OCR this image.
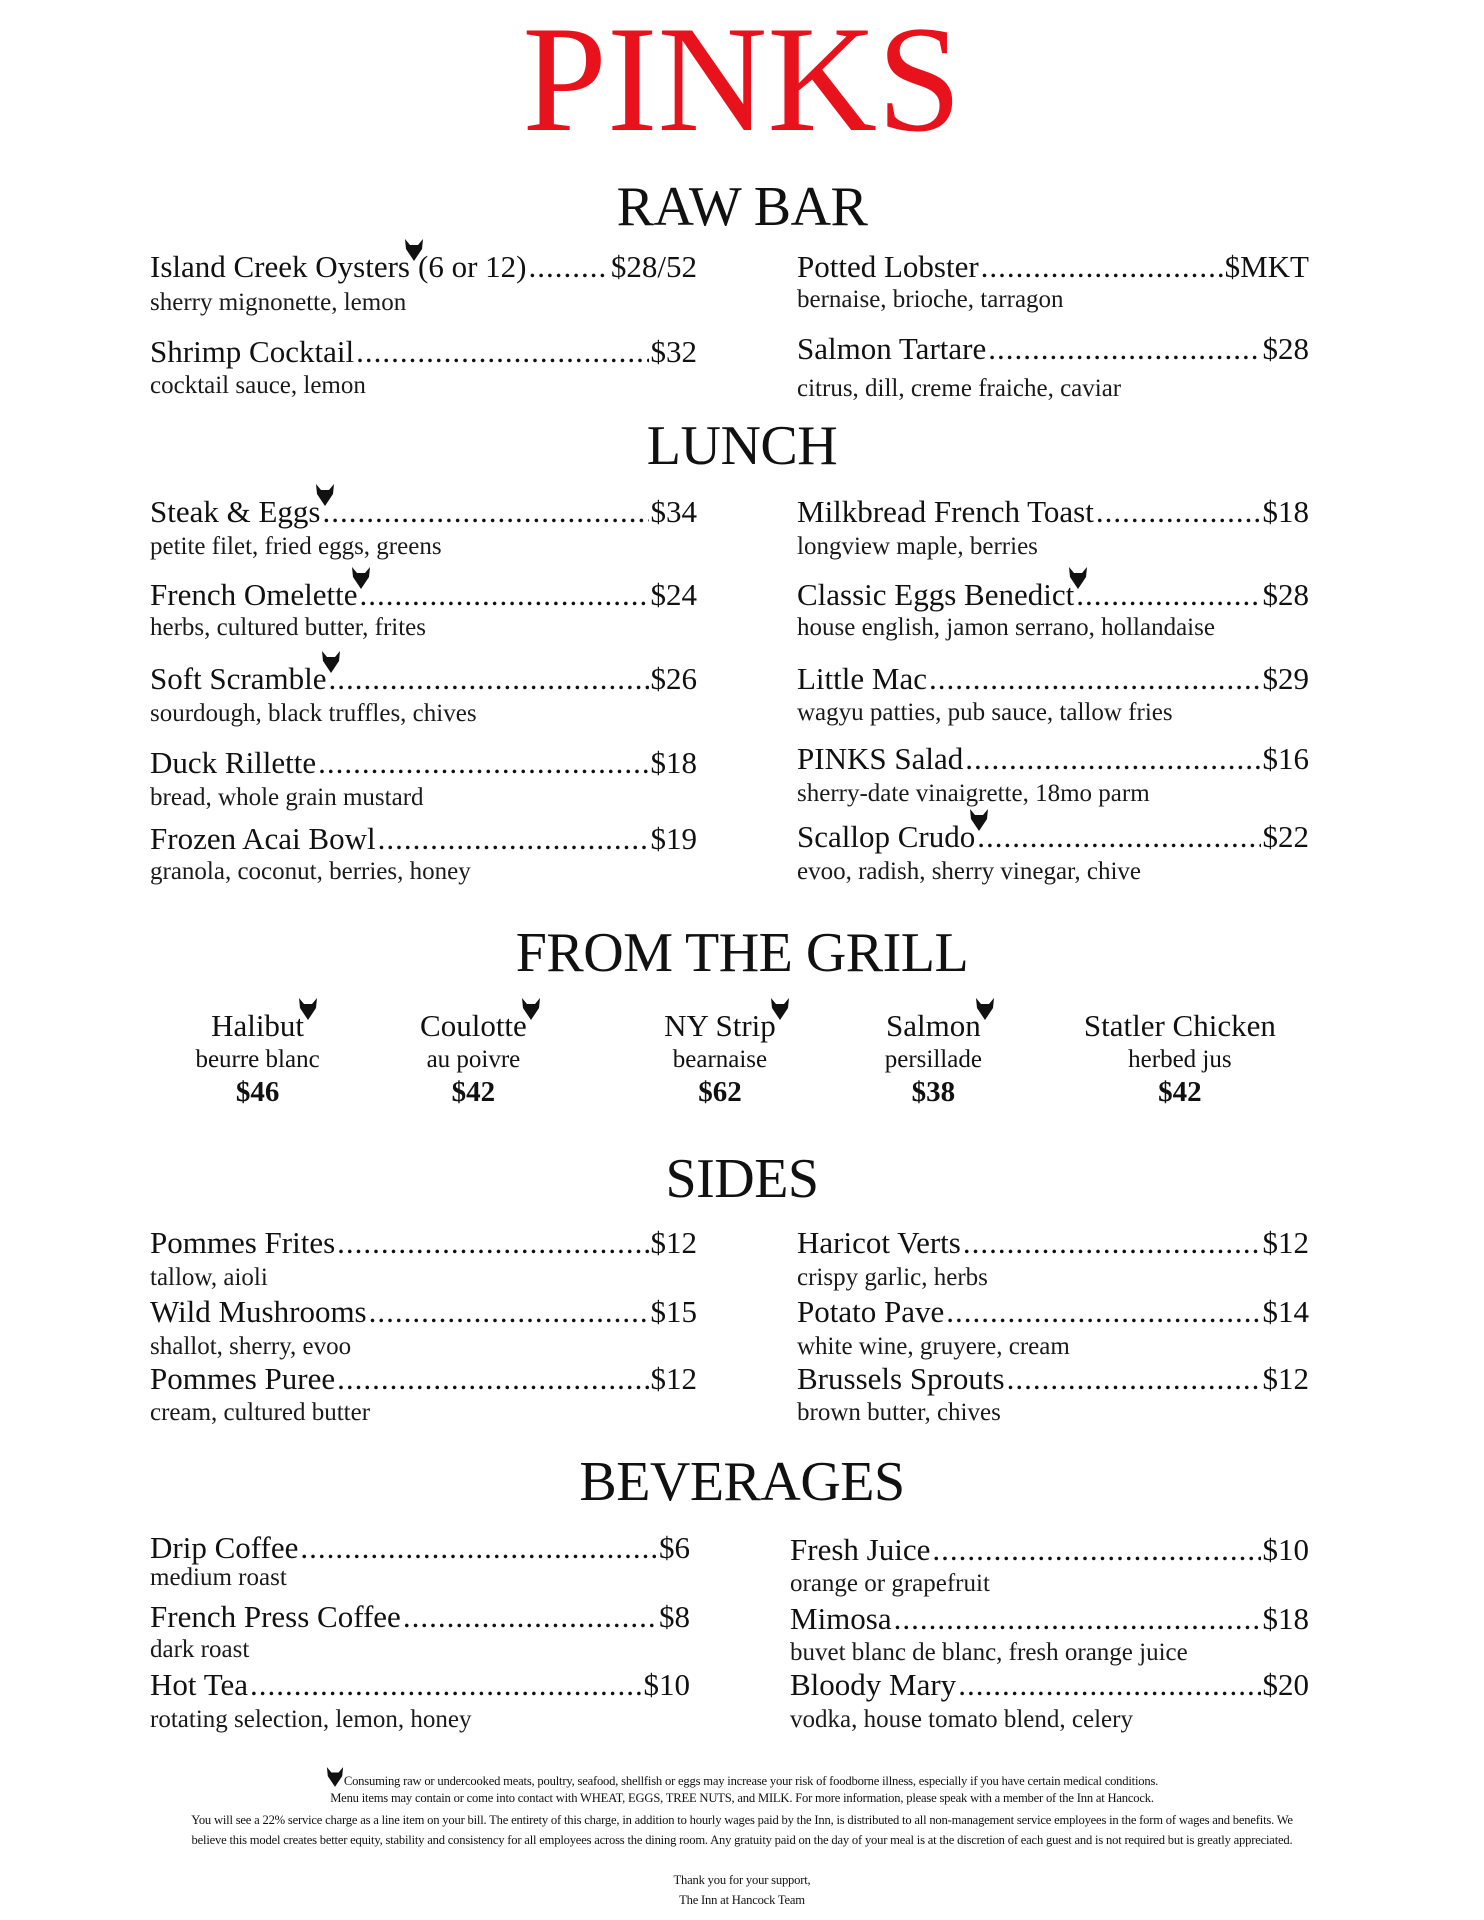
PINKS
RAW BAR
Island Creek Oysters (6 or 12) .....	$28/52
sherry mignonette, lemon
Shrimp Cocktail .....	$32
cocktail sauce, lemon
Potted Lobster .....	$MKT
bernaise, brioche, tarragon
Salmon Tartare .....	$28
citrus, dill, creme fraiche, caviar
LUNCH
Steak & Eggs .....	$34
petite filet, fried eggs, greens
French Omelette .....	$24
herbs, cultured butter, frites
Soft Scramble .....	$26
sourdough, black truffles, chives
Duck Rillette .....	$18
bread, whole grain mustard
Frozen Acai Bowl .....	$19
granola, coconut, berries, honey
Milkbread French Toast .....	$18
longview maple, berries
Classic Eggs Benedict .....	$28
house english, jamon serrano, hollandaise
Little Mac .....	$29
wagyu patties, pub sauce, tallow fries
PINKS Salad .....	$16
sherry-date vinaigrette, 18mo parm
Scallop Crudo .....	$22
evoo, radish, sherry vinegar, chive
FROM THE GRILL
Halibut
beurre blanc
$46
Coulotte
au poivre
$42
NY Strip
bearnaise
$62
Salmon
persillade
$38
Statler Chicken
herbed jus
$42
SIDES
Pommes Frites .....	$12
tallow, aioli
Wild Mushrooms .....	$15
shallot, sherry, evoo
Pommes Puree .....	$12
cream, cultured butter
Haricot Verts .....	$12
crispy garlic, herbs
Potato Pave .....	$14
white wine, gruyere, cream
Brussels Sprouts .....	$12
brown butter, chives
BEVERAGES
Drip Coffee .....	$6
medium roast
French Press Coffee .....	$8
dark roast
Hot Tea .....	$10
rotating selection, lemon, honey
Fresh Juice .....	$10
orange or grapefruit
Mimosa .....	$18
buvet blanc de blanc, fresh orange juice
Bloody Mary .....	$20
vodka, house tomato blend, celery
Consuming raw or undercooked meats, poultry, seafood, shellfish or eggs may increase your risk of foodborne illness, especially if you have certain medical conditions.
Menu items may contain or come into contact with WHEAT, EGGS, TREE NUTS, and MILK. For more information, please speak with a member of the Inn at Hancock.
You will see a 22% service charge as a line item on your bill. The entirety of this charge, in addition to hourly wages paid by the Inn, is distributed to all non-management service employees in the form of wages and benefits. We
believe this model creates better equity, stability and consistency for all employees across the dining room. Any gratuity paid on the day of your meal is at the discretion of each guest and is not required but is greatly appreciated.
Thank you for your support,
The Inn at Hancock Team
